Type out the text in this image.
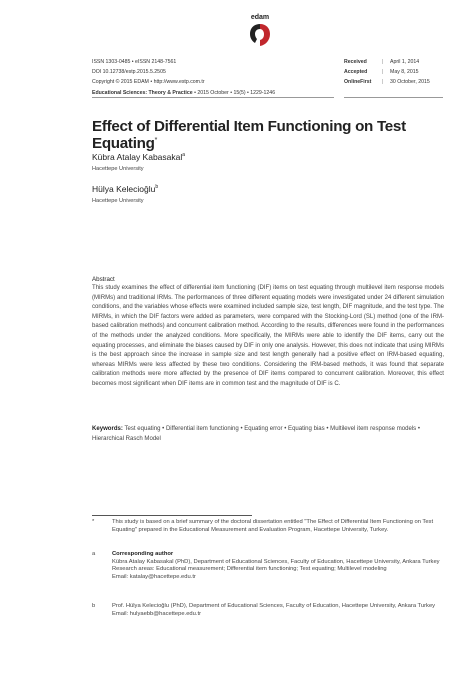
edam
ISSN 1303-0485 • eISSN 2148-7561
DOI 10.12738/estp.2015.5.2505
Copyright © 2015 EDAM • http://www.estp.com.tr
Educational Sciences: Theory & Practice • 2015 October • 15(5) • 1229-1246
Received	|	April 1, 2014
Accepted	|	May 8, 2015
OnlineFirst	|	30 October, 2015
Effect of Differential Item Functioning on Test Equating*
Kübra Atalay Kabasakal$^a$
Hacettepe University
Hülya Kelecioğlu$^b$
Hacettepe University
Abstract
This study examines the effect of differential item functioning (DIF) items on test equating through multilevel item response models (MIRMs) and traditional IRMs. The performances of three different equating models were investigated under 24 different simulation conditions, and the variables whose effects were examined included sample size, test length, DIF magnitude, and the test type. The MIRMs, in which the DIF factors were added as parameters, were compared with the Stocking-Lord (SL) method (one of the IRM-based calibration methods) and concurrent calibration method. According to the results, differences were found in the performances of the methods under the analyzed conditions. More specifically, the MIRMs were able to identify the DIF items, carry out the equating processes, and eliminate the biases caused by DIF in only one analysis. However, this does not indicate that using MIRMs is the best approach since the increase in sample size and test length generally had a positive effect on IRM-based equating, whereas MIRMs were less affected by these two conditions. Considering the IRM-based methods, it was found that separate calibration methods were more affected by the presence of DIF items compared to concurrent calibration. Moreover, this effect becomes most significant when DIF items are in common test and the magnitude of DIF is C.
Keywords: Test equating • Differential item functioning • Equating error • Equating bias • Multilevel item response models • Hierarchical Rasch Model
*	This study is based on a brief summary of the doctoral dissertation entitled "The Effect of Differential Item Functioning on Test Equating" prepared in the Educational Measurement and Evaluation Program, Hacettepe University, Turkey.
a	Corresponding author
Kübra Atalay Kabasakal (PhD), Department of Educational Sciences, Faculty of Education, Hacettepe University, Ankara Turkey
Research areas: Educational measurement; Differential item functioning; Test equating; Multilevel modeling
Email: katalay@hacettepe.edu.tr
b	Prof. Hülya Kelecioğlu (PhD), Department of Educational Sciences, Faculty of Education, Hacettepe University, Ankara Turkey
Email: hulyaebb@hacettepe.edu.tr
